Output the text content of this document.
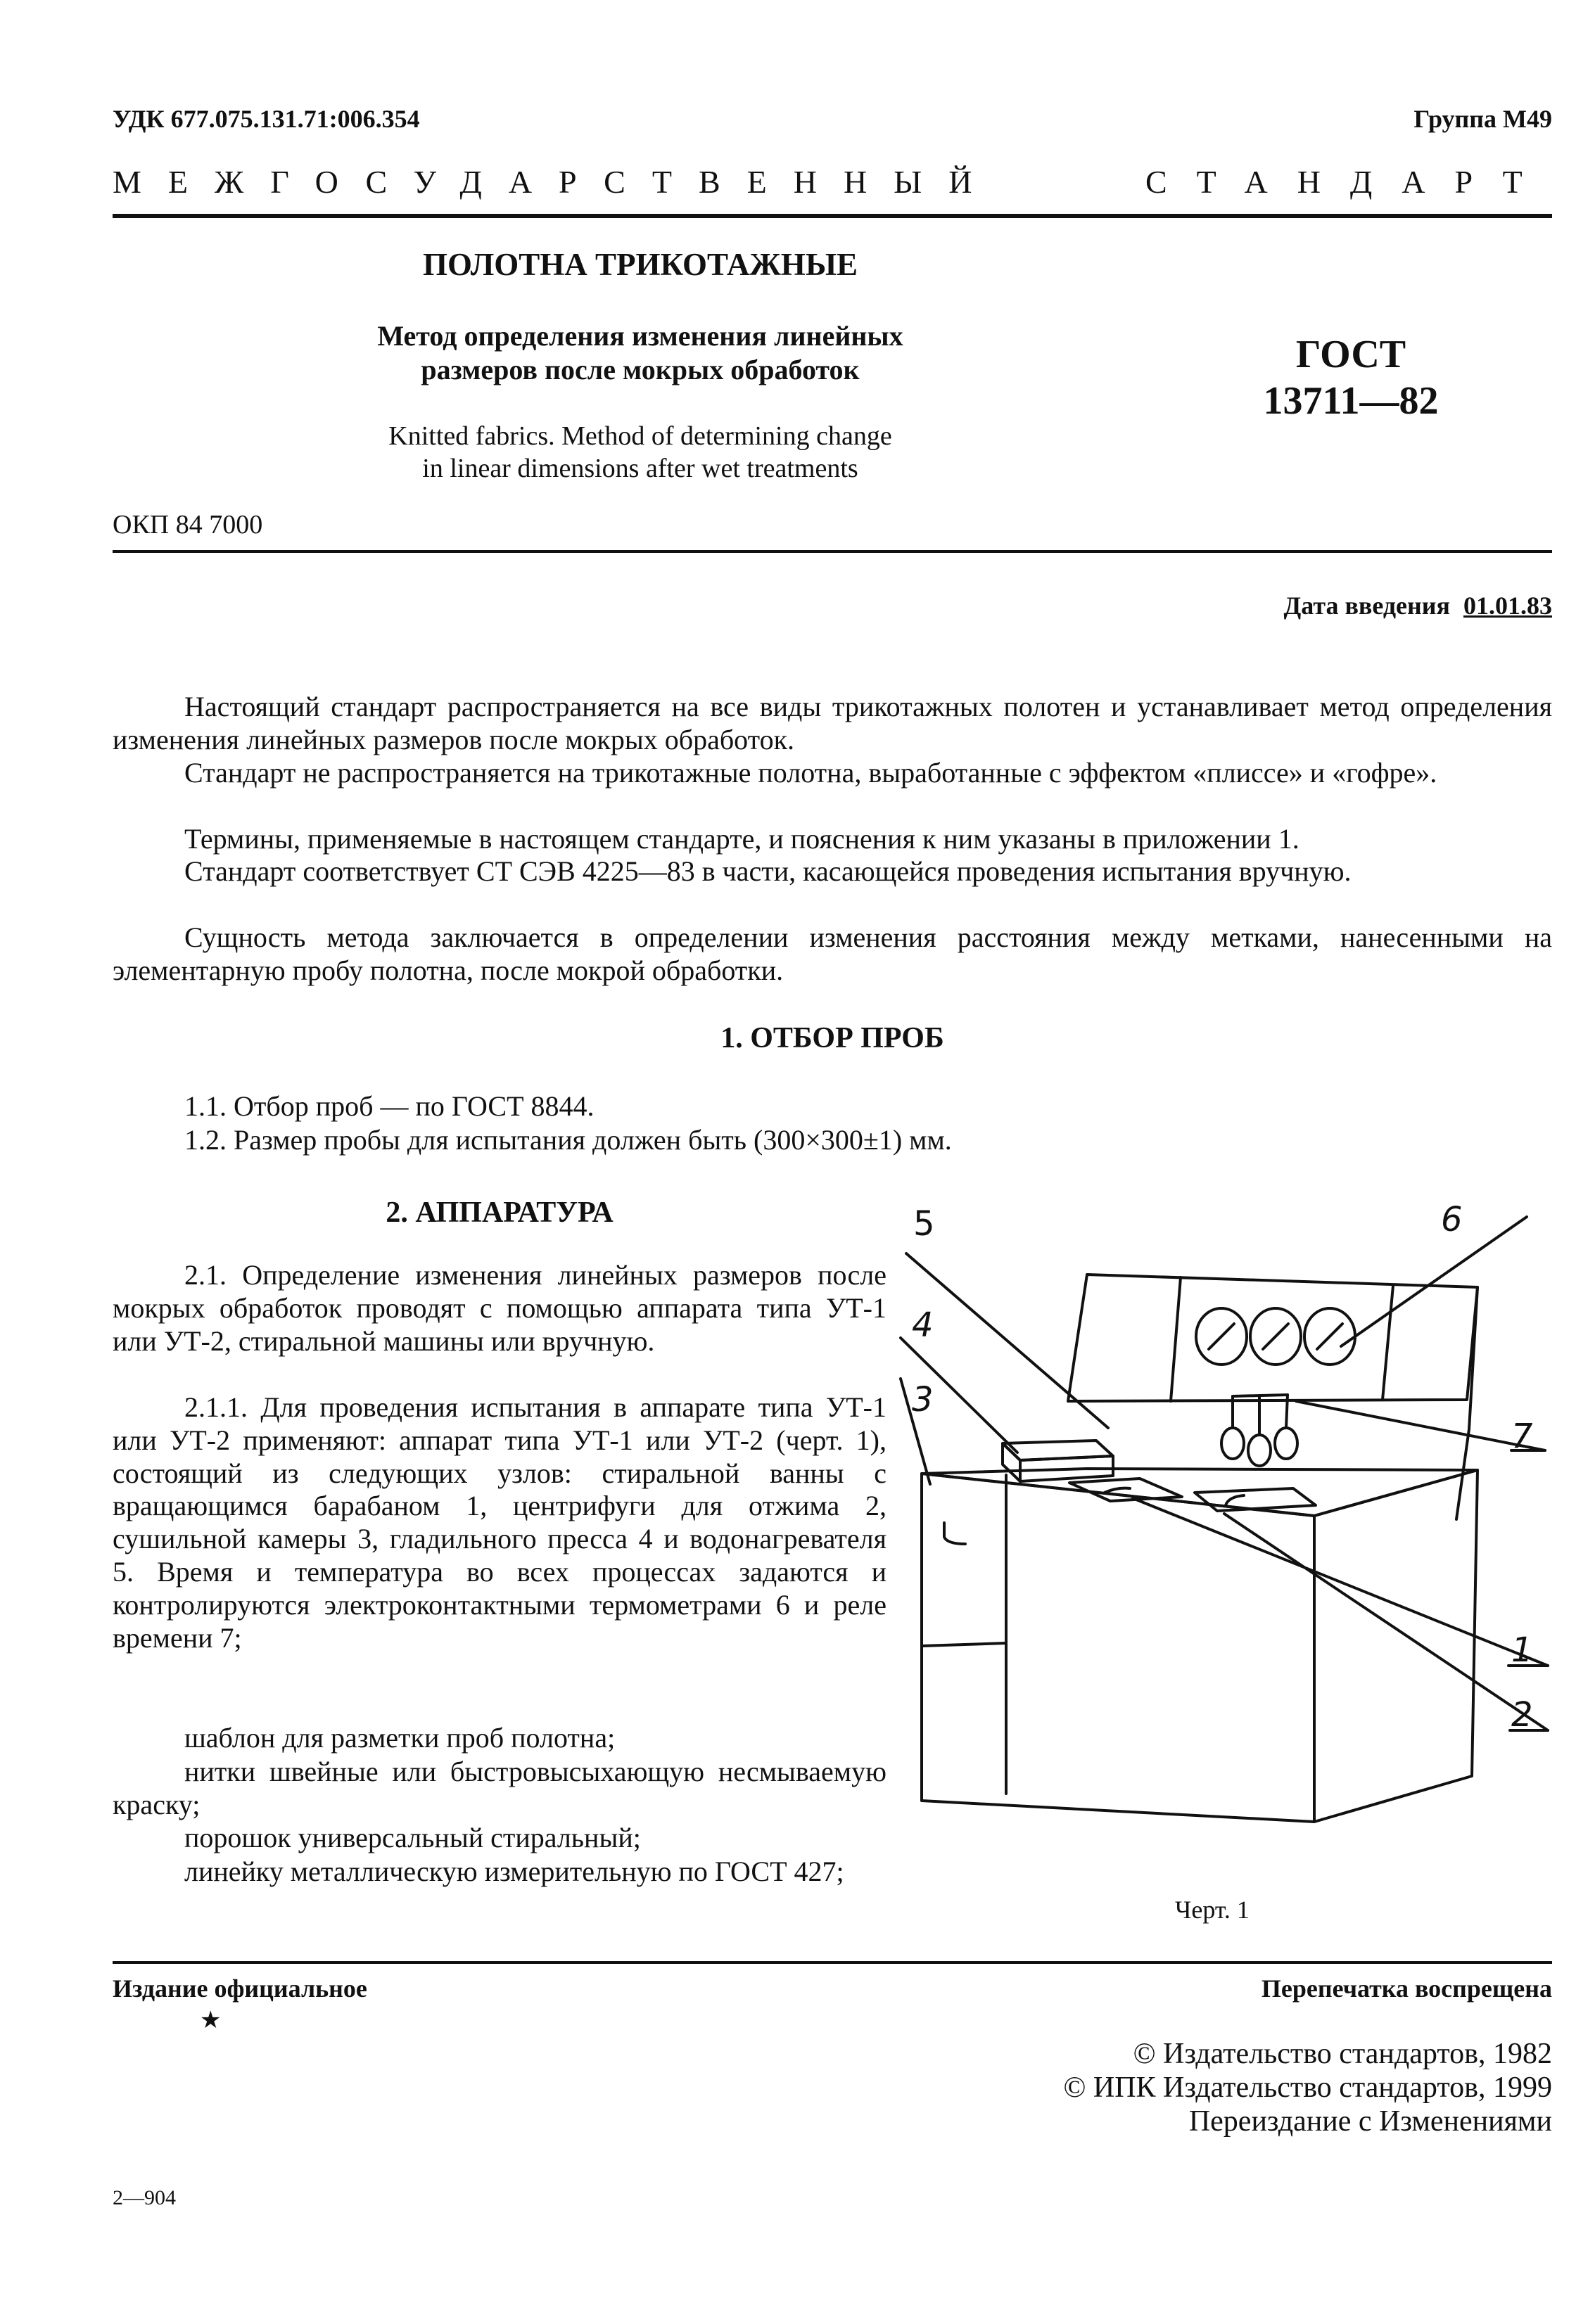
УДК 677.075.131.71:006.354	Группа М49

МЕЖГОСУДАРСТВЕННЫЙ	СТАНДАРТ

ПОЛОТНА ТРИКОТАЖНЫЕ

Метод определения изменения линейных

размеров после мокрых обработок

Knitted fabrics. Method of determining change

in linear dimensions after wet treatments

ГОСТ

13711—82

ОКП 84 7000

Дата введения 01.01.83

Настоящий стандарт распространяется на все виды трикотажных полотен и устанавливает метод определения изменения линейных размеров после мокрых обработок.

Стандарт не распространяется на трикотажные полотна, выработанные с эффектом «плиссе» и «гофре».

Термины, применяемые в настоящем стандарте, и пояснения к ним указаны в приложении 1.

Стандарт соответствует СТ СЭВ 4225—83 в части, касающейся проведения испытания вручную.

Сущность метода заключается в определении изменения расстояния между метками, нанесенными на элементарную пробу полотна, после мокрой обработки.

1. ОТБОР ПРОБ

1.1. Отбор проб — по ГОСТ 8844.

1.2. Размер пробы для испытания должен быть (300×300±1) мм.

2. АППАРАТУРА

2.1. Определение изменения линейных размеров после мокрых обработок проводят с помощью аппарата типа УТ-1 или УТ-2, стиральной машины или вручную.

2.1.1. Для проведения испытания в аппарате типа УТ-1 или УТ-2 применяют: аппарат типа УТ-1 или УТ-2 (черт. 1), состоящий из следующих узлов: стиральной ванны с вращающимся барабаном 1, центрифуги для отжима 2, сушильной камеры 3, гладильного пресса 4 и водонагревателя 5. Время и температура во всех процессах задаются и контролируются электроконтактными термометрами 6 и реле времени 7;

шаблон для разметки проб полотна;

нитки швейные или быстровысыхающую несмываемую краску;

порошок универсальный стиральный;

линейку металлическую измерительную по ГОСТ 427;

5	6

4

3

7

1

2

Черт. 1

Издание официальное

★

Перепечатка воспрещена

© Издательство стандартов, 1982

© ИПК Издательство стандартов, 1999

Переиздание с Изменениями

2—904
